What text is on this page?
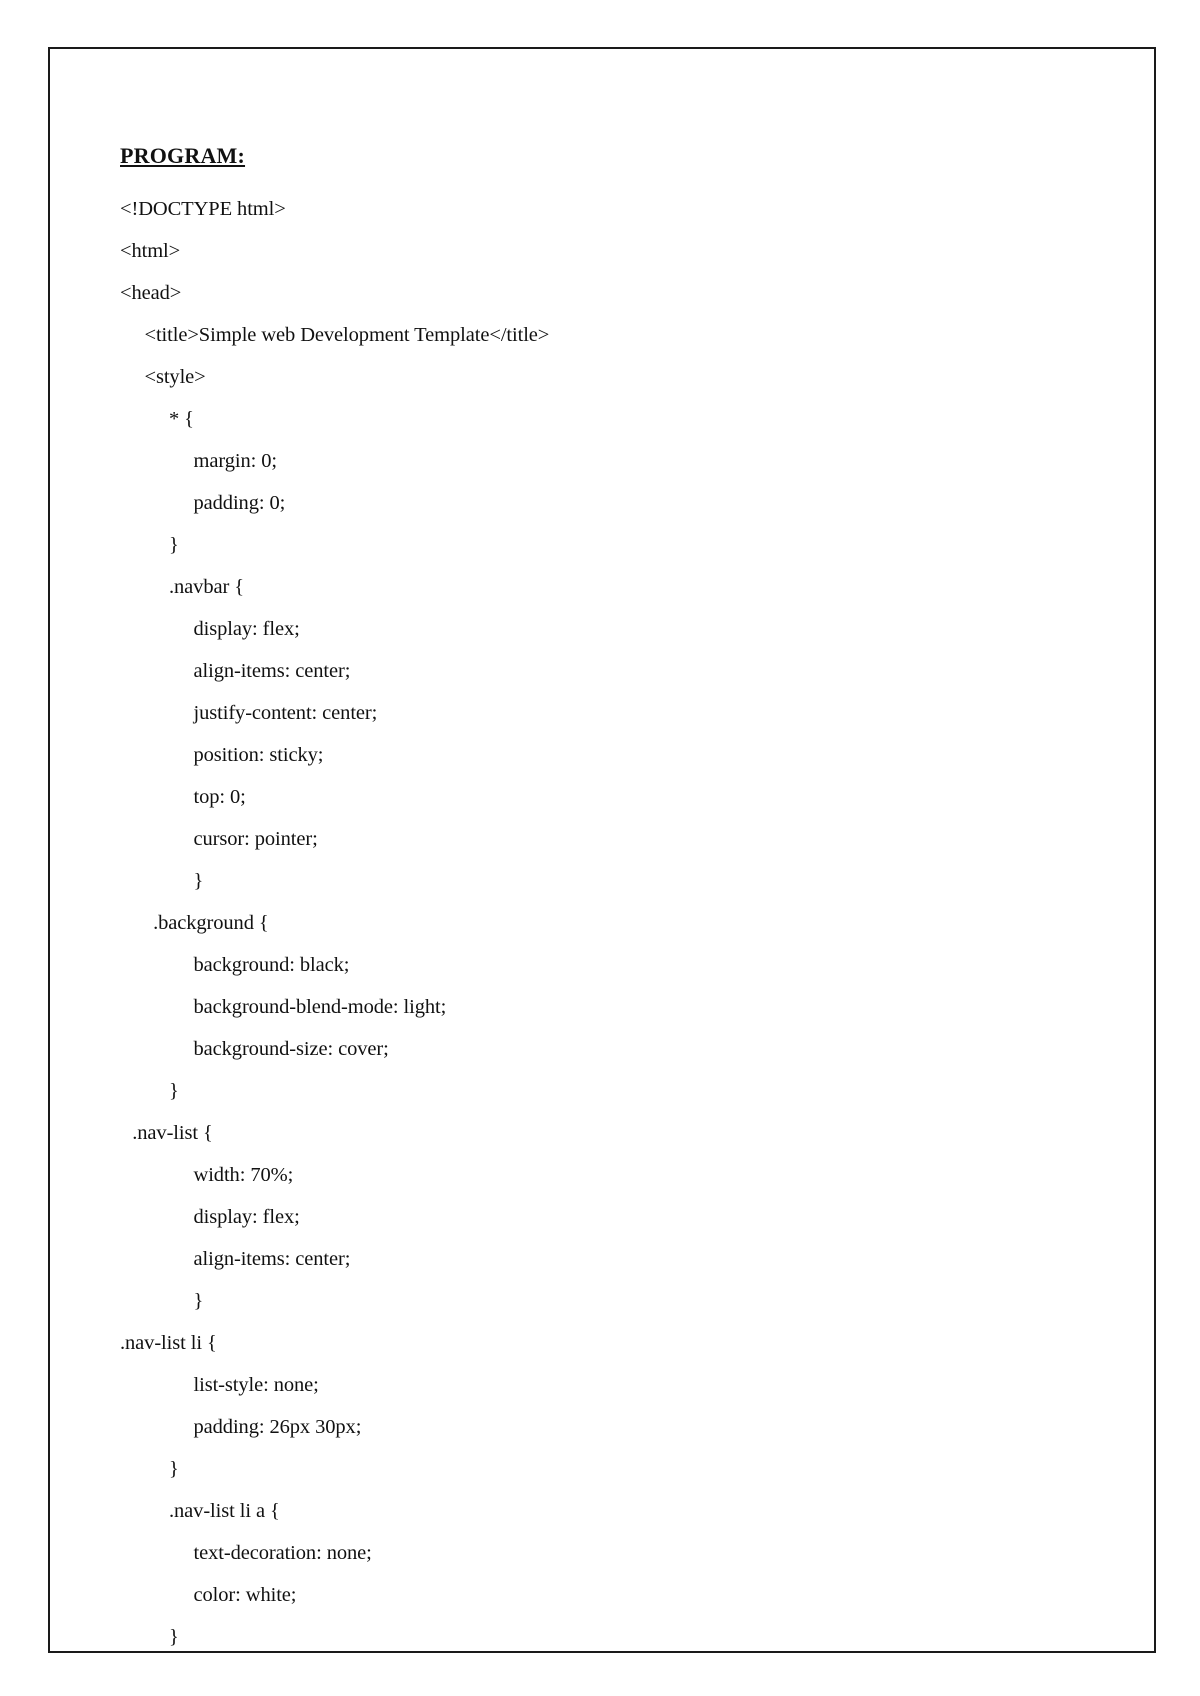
PROGRAM:
<!DOCTYPE html>
<html>
<head>
<title>Simple web Development Template</title>
<style>
* {
margin: 0;
padding: 0;
}
.navbar {
display: flex;
align-items: center;
justify-content: center;
position: sticky;
top: 0;
cursor: pointer;
}
.background {
background: black;
background-blend-mode: light;
background-size: cover;
}
.nav-list {
width: 70%;
display: flex;
align-items: center;
}
.nav-list li {
list-style: none;
padding: 26px 30px;
}
.nav-list li a {
text-decoration: none;
color: white;
}
